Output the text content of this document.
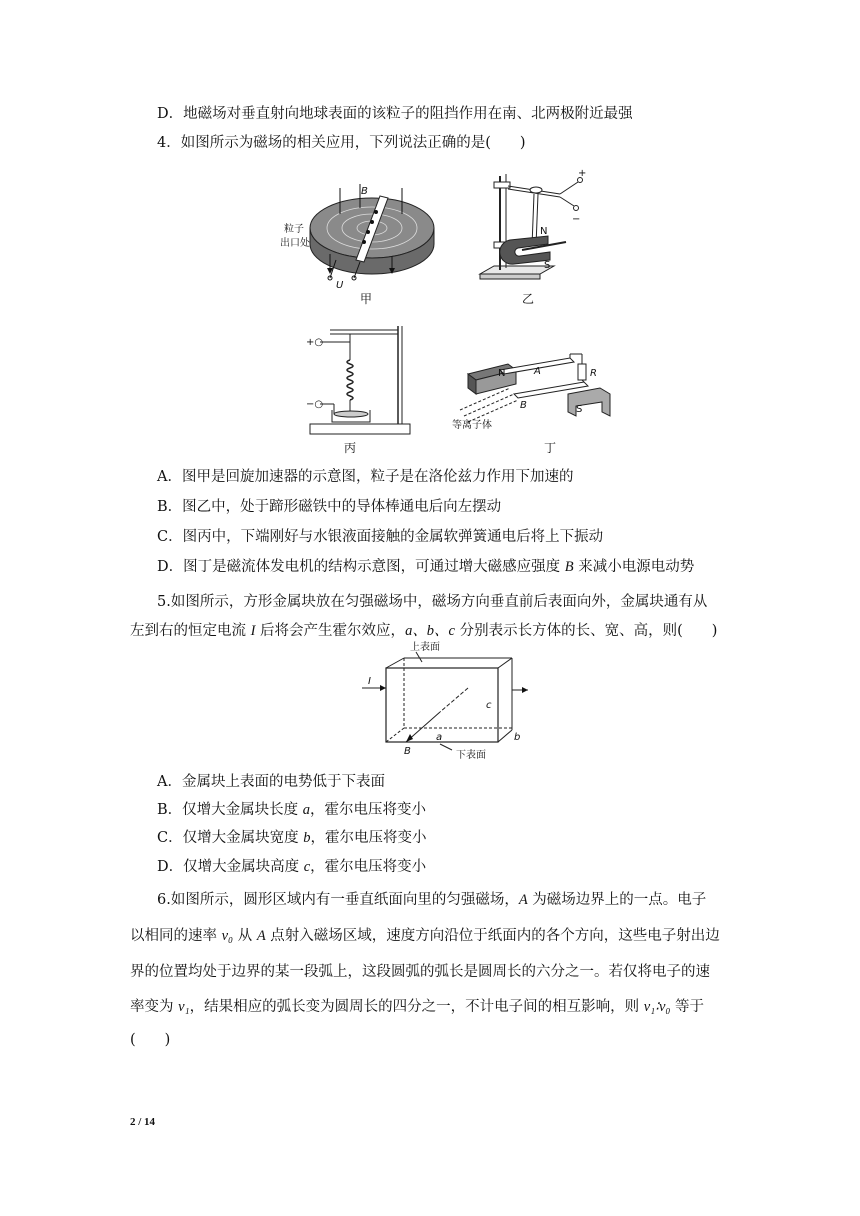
D．地磁场对垂直射向地球表面的该粒子的阻挡作用在南、北两极附近最强
4．如图所示为磁场的相关应用，下列说法正确的是(　　)
B
粒子
出口处
U
甲
+
−
N
S
乙
+○
−○
丙
N
S
A
B
R
等离子体
丁
A．图甲是回旋加速器的示意图，粒子是在洛伦兹力作用下加速的
B．图乙中，处于蹄形磁铁中的导体棒通电后向左摆动
C．图丙中，下端刚好与水银液面接触的金属软弹簧通电后将上下振动
D．图丁是磁流体发电机的结构示意图，可通过增大磁感应强度 B 来减小电源电动势
5.如图所示，方形金属块放在匀强磁场中，磁场方向垂直前后表面向外，金属块通有从
左到右的恒定电流 I 后将会产生霍尔效应，a、b、c 分别表示长方体的长、宽、高，则(　　)
上表面
下表面
I
B
a	b
c
A．金属块上表面的电势低于下表面
B．仅增大金属块长度 a，霍尔电压将变小
C．仅增大金属块宽度 b，霍尔电压将变小
D．仅增大金属块高度 c，霍尔电压将变小
6.如图所示，圆形区域内有一垂直纸面向里的匀强磁场，A 为磁场边界上的一点。电子
以相同的速率 v₀ 从 A 点射入磁场区域，速度方向沿位于纸面内的各个方向，这些电子射出边
界的位置均处于边界的某一段弧上，这段圆弧的弧长是圆周长的六分之一。若仅将电子的速
率变为 v₁，结果相应的弧长变为圆周长的四分之一，不计电子间的相互影响，则 v₁∶v₀ 等于
(　　)
2 / 14
